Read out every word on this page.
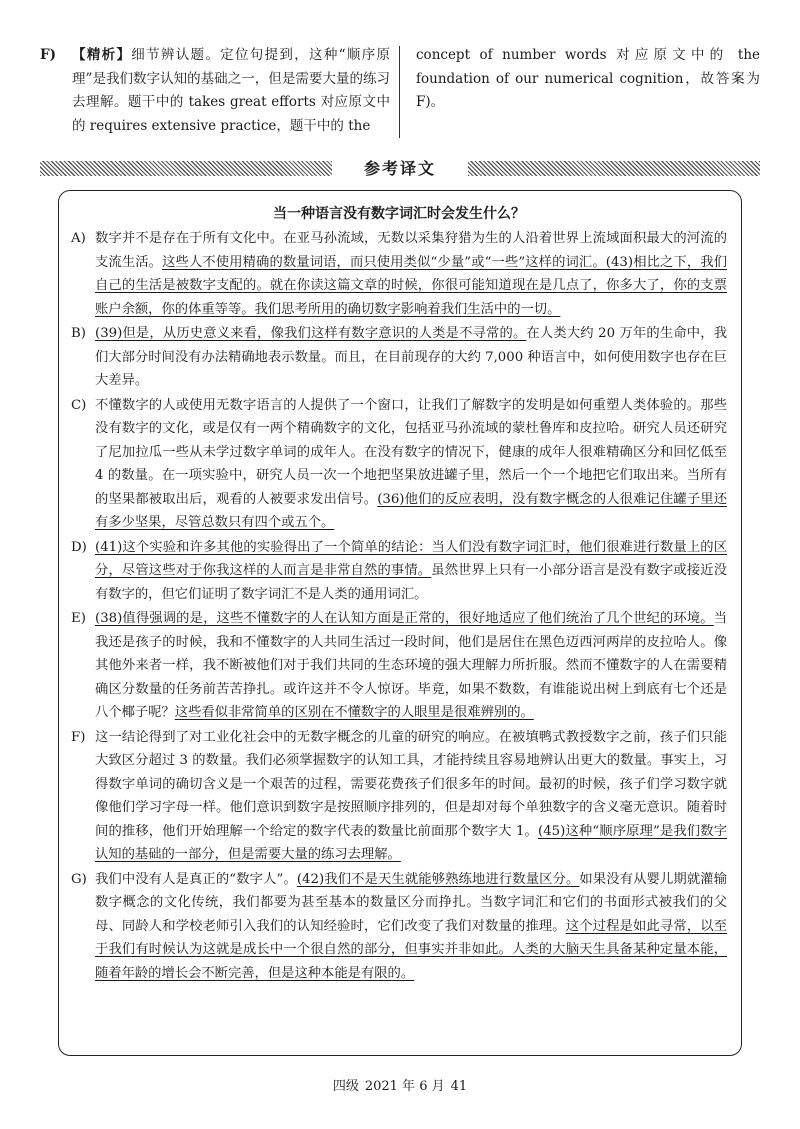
F) 【精析】细节辨认题。定位句提到，这种“顺序原理”是我们数字认知的基础之一，但是需要大量的练习去理解。题干中的 takes great efforts 对应原文中的 requires extensive practice，题干中的 the
concept of number words 对应原文中的 the foundation of our numerical cognition，故答案为 F)。
参考译文
当一种语言没有数字词汇时会发生什么？
A) 数字并不是存在于所有文化中。在亚马孙流域，无数以采集狩猎为生的人沿着世界上流域面积最大的河流的支流生活。这些人不使用精确的数量词语，而只使用类似“少量”或“一些”这样的词汇。(43)相比之下，我们自己的生活是被数字支配的。就在你读这篇文章的时候，你很可能知道现在是几点了，你多大了，你的支票账户余额，你的体重等等。我们思考所用的确切数字影响着我们生活中的一切。
B) (39)但是，从历史意义来看，像我们这样有数字意识的人类是不寻常的。在人类大约 20 万年的生命中，我们大部分时间没有办法精确地表示数量。而且，在目前现存的大约 7,000 种语言中，如何使用数字也存在巨大差异。
C) 不懂数字的人或使用无数字语言的人提供了一个窗口，让我们了解数字的发明是如何重塑人类体验的。那些没有数字的文化，或是仅有一两个精确数字的文化，包括亚马孙流域的蒙杜鲁库和皮拉哈。研究人员还研究了尼加拉瓜一些从未学过数字单词的成年人。在没有数字的情况下，健康的成年人很难精确区分和回忆低至 4 的数量。在一项实验中，研究人员一次一个地把坚果放进罐子里，然后一个一个地把它们取出来。当所有的坚果都被取出后，观看的人被要求发出信号。(36)他们的反应表明，没有数字概念的人很难记住罐子里还有多少坚果，尽管总数只有四个或五个。
D) (41)这个实验和许多其他的实验得出了一个简单的结论：当人们没有数字词汇时，他们很难进行数量上的区分，尽管这些对于你我这样的人而言是非常自然的事情。虽然世界上只有一小部分语言是没有数字或接近没有数字的，但它们证明了数字词汇不是人类的通用词汇。
E) (38)值得强调的是，这些不懂数字的人在认知方面是正常的，很好地适应了他们统治了几个世纪的环境。当我还是孩子的时候，我和不懂数字的人共同生活过一段时间，他们是居住在黑色迈西河两岸的皮拉哈人。像其他外来者一样，我不断被他们对于我们共同的生态环境的强大理解力所折服。然而不懂数字的人在需要精确区分数量的任务前苦苦挣扎。或许这并不令人惊讶。毕竟，如果不数数，有谁能说出树上到底有七个还是八个椰子呢？这些看似非常简单的区别在不懂数字的人眼里是很难辨别的。
F) 这一结论得到了对工业化社会中的无数字概念的儿童的研究的响应。在被填鸭式教授数字之前，孩子们只能大致区分超过 3 的数量。我们必须掌握数字的认知工具，才能持续且容易地辨认出更大的数量。事实上，习得数字单词的确切含义是一个艰苦的过程，需要花费孩子们很多年的时间。最初的时候，孩子们学习数字就像他们学习字母一样。他们意识到数字是按照顺序排列的，但是却对每个单独数字的含义毫无意识。随着时间的推移，他们开始理解一个给定的数字代表的数量比前面那个数字大 1。(45)这种“顺序原理”是我们数字认知的基础的一部分，但是需要大量的练习去理解。
G) 我们中没有人是真正的“数字人”。(42)我们不是天生就能够熟练地进行数量区分。如果没有从婴儿期就灌输数字概念的文化传统，我们都要为甚至基本的数量区分而挣扎。当数字词汇和它们的书面形式被我们的父母、同龄人和学校老师引入我们的认知经验时，它们改变了我们对数量的推理。这个过程是如此寻常，以至于我们有时候认为这就是成长中一个很自然的部分，但事实并非如此。人类的大脑天生具备某种定量本能，随着年龄的增长会不断完善，但是这种本能是有限的。
四级 2021 年 6 月 41
